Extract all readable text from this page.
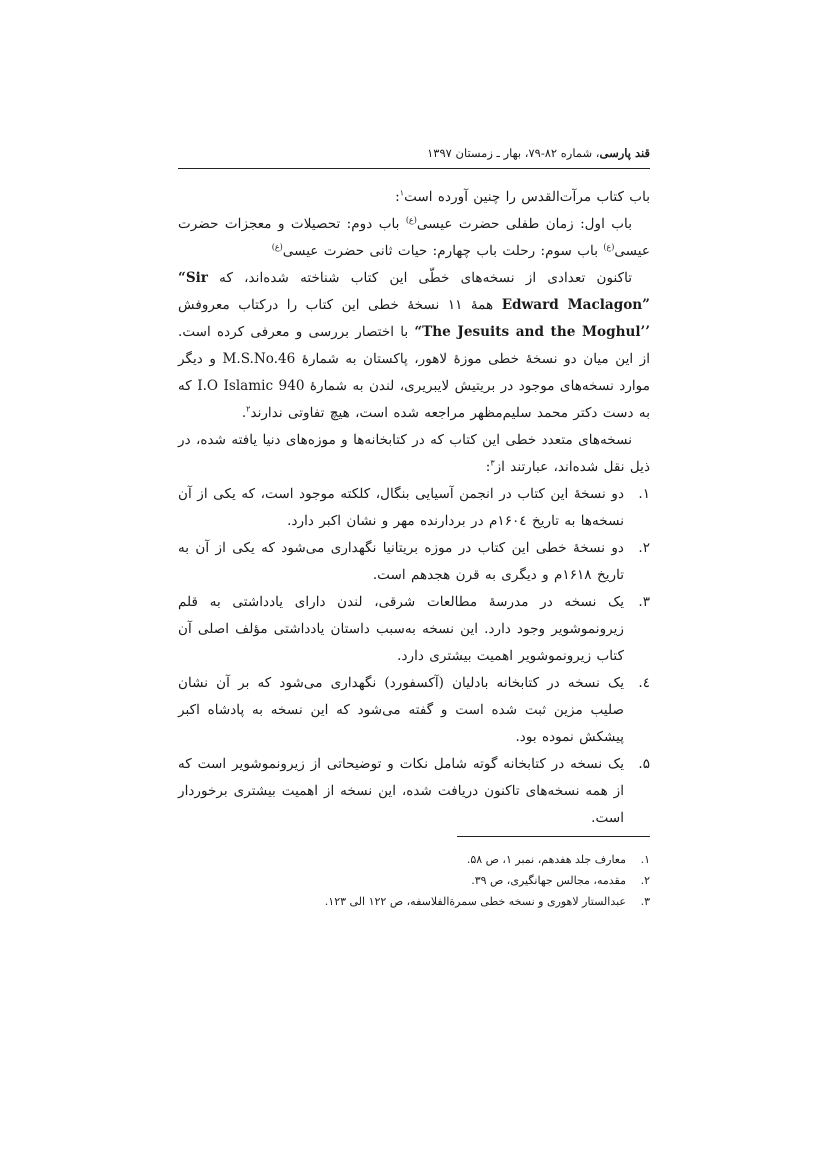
قند پارسی، شماره ۸۲-۷۹، بهار ـ زمستان ۱۳۹۷

باب کتاب مرآت‌القدس را چنین آورده است$^۱$:

باب اول: زمان طفلی حضرت عیسی$^{(ع)}$ باب دوم: تحصیلات و معجزات حضرت عیسی$^{(ع)}$ باب سوم: رحلت باب چهارم: حیات ثانی حضرت عیسی$^{(ع)}$

تاکنون تعدادی از نسخه‌های خطّی این کتاب شناخته شده‌اند، که “Sir Edward Maclagon” همهٔ ۱۱ نسخهٔ خطی این کتاب را درکتاب معروفش “The Jesuits and the Moghul’’ با اختصار بررسی و معرفی کرده است. از این میان دو نسخهٔ خطی موزهٔ لاهور، پاکستان به شمارهٔ M.S.No.46 و دیگر موارد نسخه‌های موجود در بریتیش لایبریری، لندن به شمارهٔ I.O Islamic 940 که به دست دکتر محمد سلیم‌مظهر مراجعه شده است، هیچ تفاوتی ندارند$^۲$.

نسخه‌های متعدد خطی این کتاب که در کتابخانه‌ها و موزه‌های دنیا یافته شده، در ذیل نقل شده‌اند، عبارتند از$^۳$:

۱.
دو نسخهٔ این کتاب در انجمن آسیایی بنگال، کلکته موجود است، که یکی از آن نسخه‌ها به تاریخ ۱۶۰٤م در بردارنده مهر و نشان اکبر دارد.
۲.
دو نسخهٔ خطی این کتاب در موزه بریتانیا نگهداری می‌شود که یکی از آن به تاریخ ۱۶۱۸م و دیگری به قرن هجدهم است.
۳.
یک نسخه در مدرسهٔ مطالعات شرقی، لندن دارای یادداشتی به قلم زیرونموشویر وجود دارد. این نسخه به‌سبب داستان یادداشتی مؤلف اصلی آن کتاب زیرونموشویر اهمیت بیشتری دارد.
٤.
یک نسخه در کتابخانه بادلیان (آکسفورد) نگهداری می‌شود که بر آن نشان صلیب مزین ثبت شده است و گفته می‌شود که این نسخه به پادشاه اکبر پیشکش نموده بود.
۵.
یک نسخه در کتابخانه گوته شامل نکات و توضیحاتی از زیرونموشویر است که از همه نسخه‌های تاکنون دریافت شده، این نسخه از اهمیت بیشتری برخوردار است.
۱.
معارف جلد هفدهم، نمبر ۱، ص ۵۸.
۲.
مقدمه، مجالس جهانگیری، ص ۳۹.
۳.
عبدالستار لاهوری و نسخه خطی سمرةالفلاسفه، ص ۱۲۲ الی ۱۲۳.
